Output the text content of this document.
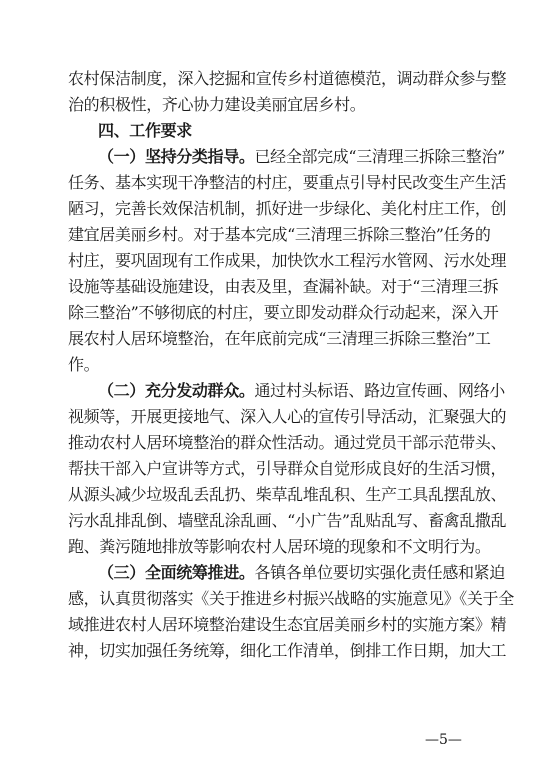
农村保洁制度，深入挖掘和宣传乡村道德模范，调动群众参与整
治的积极性，齐心协力建设美丽宜居乡村。
四、工作要求
（一）坚持分类指导。已经全部完成“三清理三拆除三整治”
任务、基本实现干净整洁的村庄，要重点引导村民改变生产生活
陋习，完善长效保洁机制，抓好进一步绿化、美化村庄工作，创
建宜居美丽乡村。对于基本完成“三清理三拆除三整治”任务的
村庄，要巩固现有工作成果，加快饮水工程污水管网、污水处理
设施等基础设施建设，由表及里，查漏补缺。对于“三清理三拆
除三整治”不够彻底的村庄，要立即发动群众行动起来，深入开
展农村人居环境整治，在年底前完成“三清理三拆除三整治”工
作。
（二）充分发动群众。通过村头标语、路边宣传画、网络小
视频等，开展更接地气、深入人心的宣传引导活动，汇聚强大的
推动农村人居环境整治的群众性活动。通过党员干部示范带头、
帮扶干部入户宣讲等方式，引导群众自觉形成良好的生活习惯，
从源头减少垃圾乱丢乱扔、柴草乱堆乱积、生产工具乱摆乱放、
污水乱排乱倒、墙壁乱涂乱画、“小广告”乱贴乱写、畜禽乱撒乱
跑、粪污随地排放等影响农村人居环境的现象和不文明行为。
（三）全面统筹推进。各镇各单位要切实强化责任感和紧迫
感，认真贯彻落实《关于推进乡村振兴战略的实施意见》《关于全
域推进农村人居环境整治建设生态宜居美丽乡村的实施方案》精
神，切实加强任务统筹，细化工作清单，倒排工作日期，加大工
—5—
